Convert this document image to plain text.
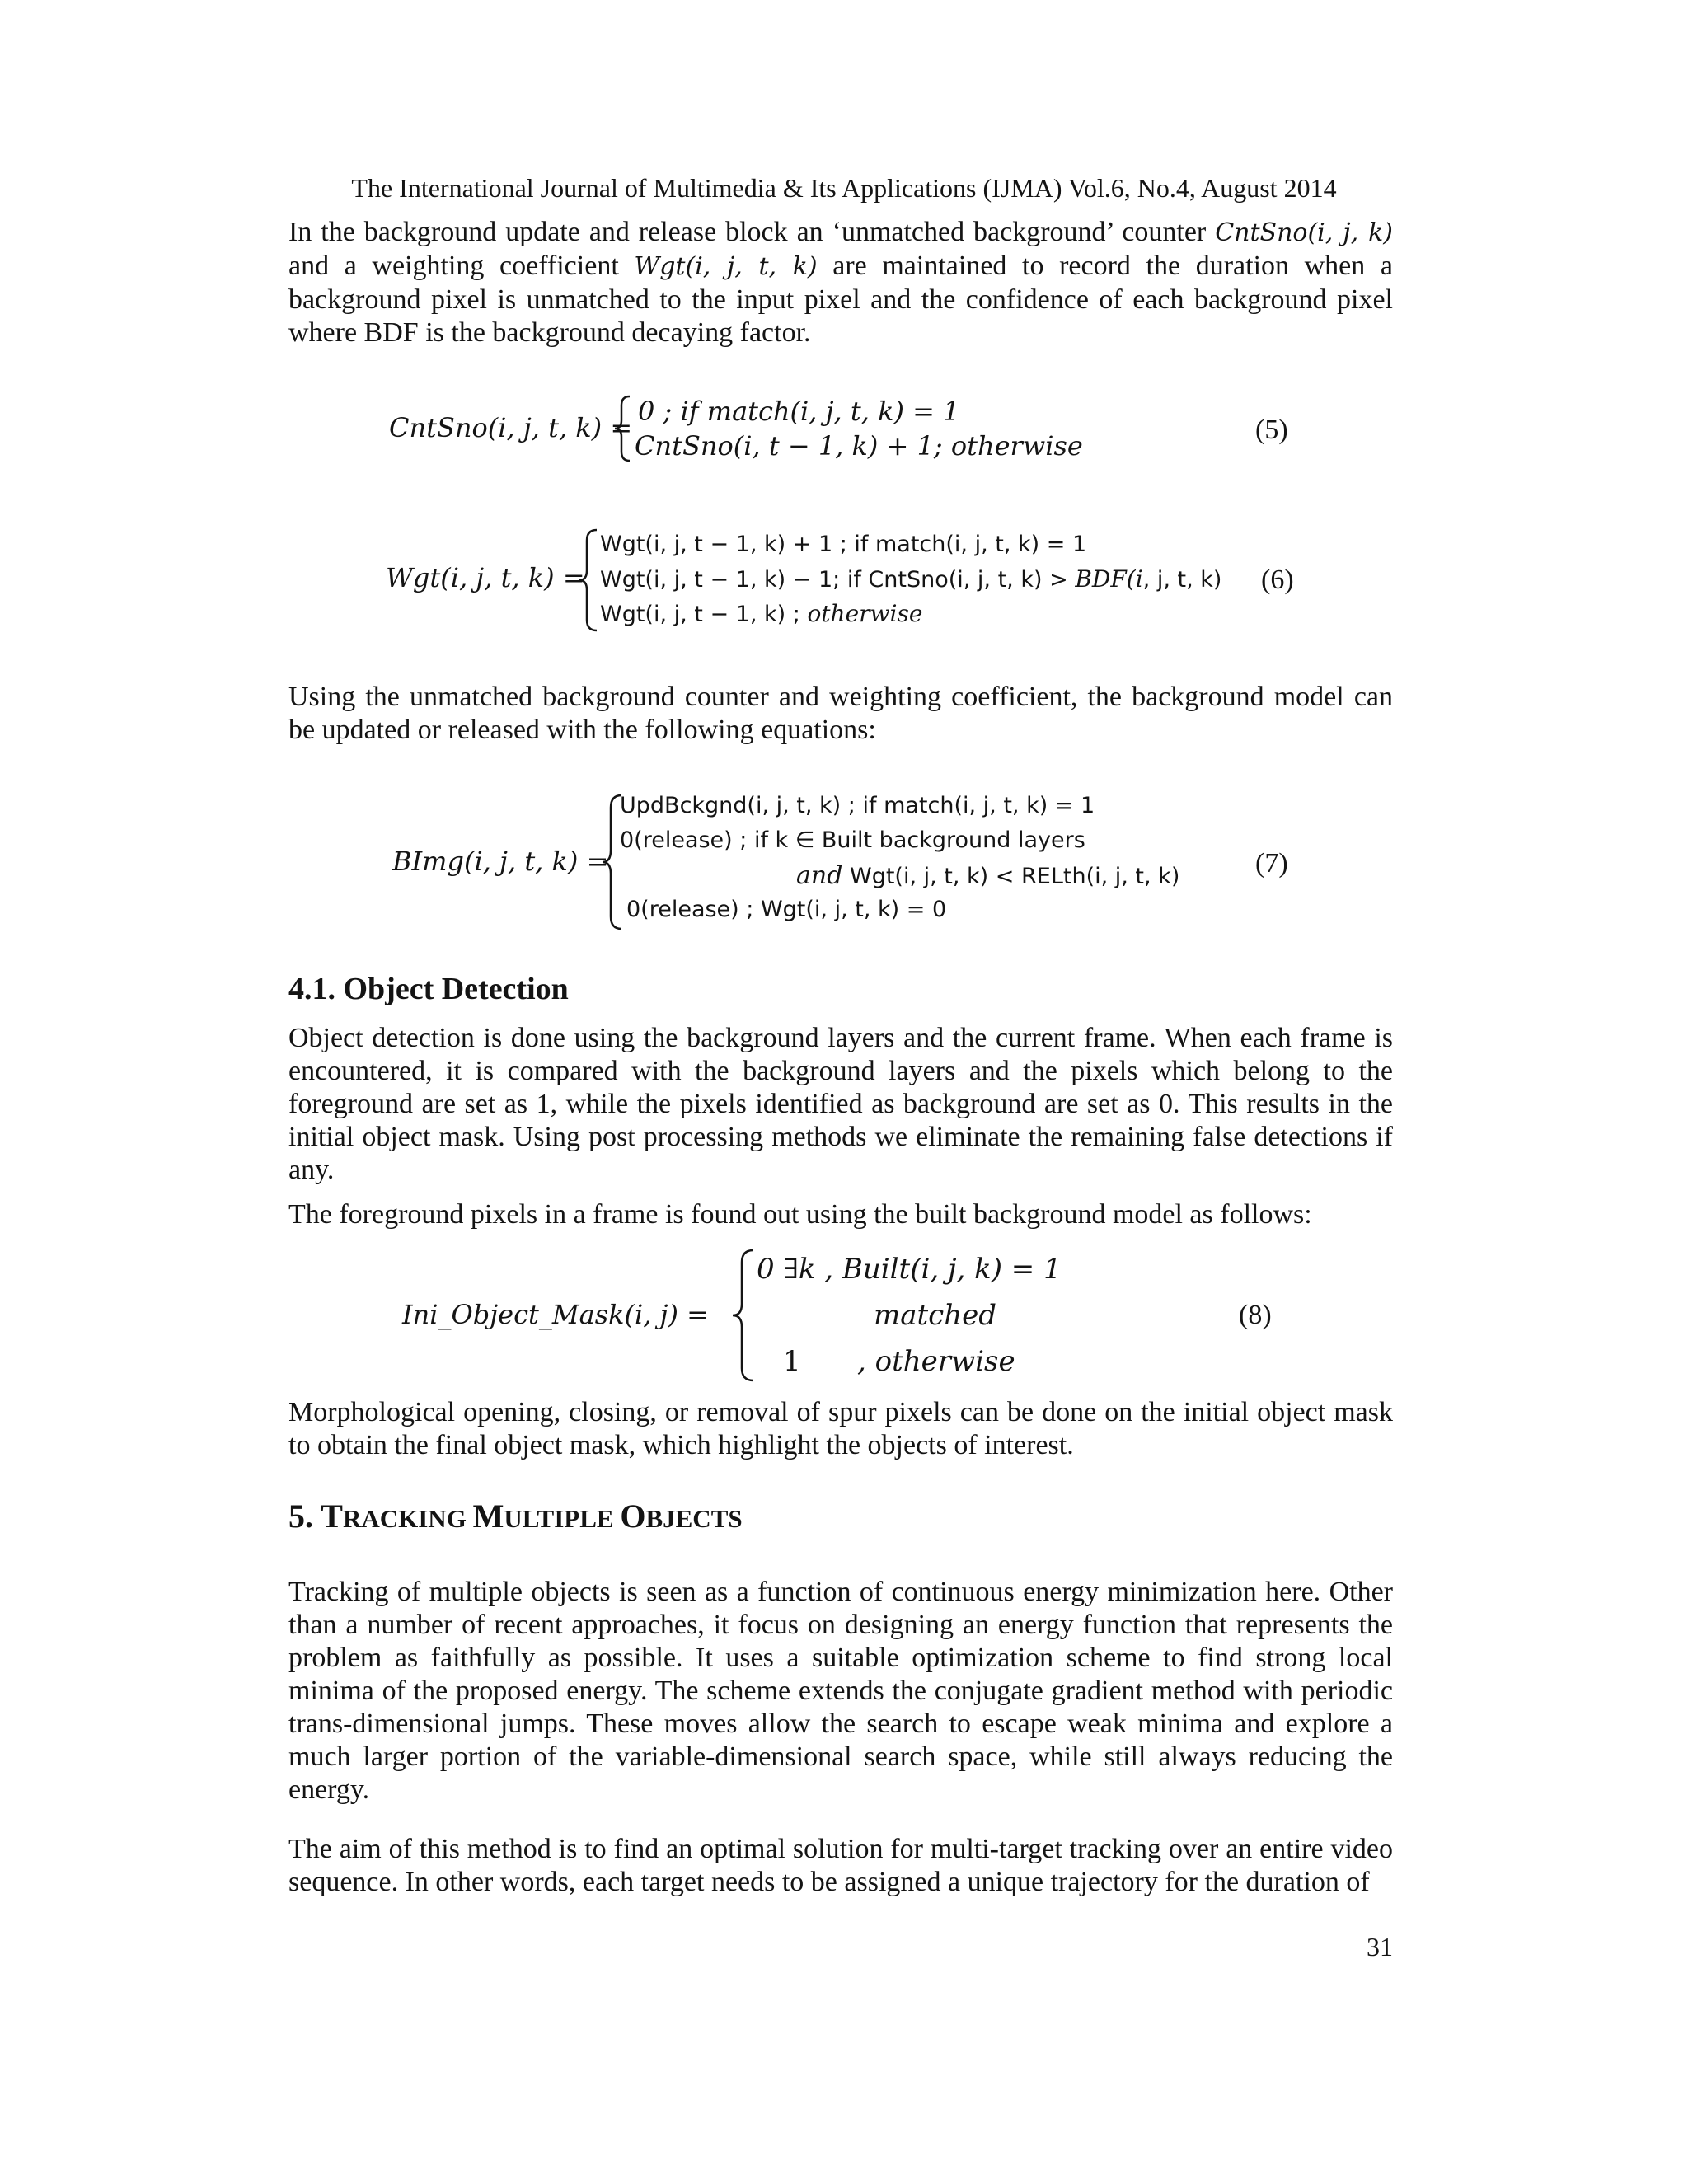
The International Journal of Multimedia & Its Applications (IJMA) Vol.6, No.4, August 2014
In the background update and release block an ‘unmatched background’ counter CntSno(i, j, k) and a weighting coefficient Wgt(i, j, t, k) are maintained to record the duration when a background pixel is unmatched to the input pixel and the confidence of each background pixel where BDF is the background decaying factor.
CntSno(i, j, t, k) =
0 ; if match(i, j, t, k) = 1
CntSno(i, t − 1, k) + 1; otherwise
(5)
Wgt(i, j, t, k) =
Wgt(i, j, t − 1, k) + 1 ; if match(i, j, t, k) = 1
Wgt(i, j, t − 1, k) − 1; if CntSno(i, j, t, k) > BDF(i, j, t, k)
Wgt(i, j, t − 1, k) ; otherwise
(6)
Using the unmatched background counter and weighting coefficient, the background model can be updated or released with the following equations:
BImg(i, j, t, k) =
UpdBckgnd(i, j, t, k) ; if match(i, j, t, k) = 1
0(release) ; if k ∈ Built background layers
and Wgt(i, j, t, k) < RELth(i, j, t, k)
0(release) ; Wgt(i, j, t, k) = 0
(7)
4.1. Object Detection
Object detection is done using the background layers and the current frame. When each frame is encountered, it is compared with the background layers and the pixels which belong to the foreground are set as 1, while the pixels identified as background are set as 0. This results in the initial object mask. Using post processing methods we eliminate the remaining false detections if any.
The foreground pixels in a frame is found out using the built background model as follows:
Ini_Object_Mask(i, j) =
0 ∃k , Built(i, j, k) = 1
matched
1 , otherwise
(8)
Morphological opening, closing, or removal of spur pixels can be done on the initial object mask to obtain the final object mask, which highlight the objects of interest.
5. TRACKING MULTIPLE OBJECTS
Tracking of multiple objects is seen as a function of continuous energy minimization here. Other than a number of recent approaches, it focus on designing an energy function that represents the problem as faithfully as possible. It uses a suitable optimization scheme to find strong local minima of the proposed energy. The scheme extends the conjugate gradient method with periodic trans-dimensional jumps. These moves allow the search to escape weak minima and explore a much larger portion of the variable-dimensional search space, while still always reducing the energy.
The aim of this method is to find an optimal solution for multi-target tracking over an entire video sequence. In other words, each target needs to be assigned a unique trajectory for the duration of
31
